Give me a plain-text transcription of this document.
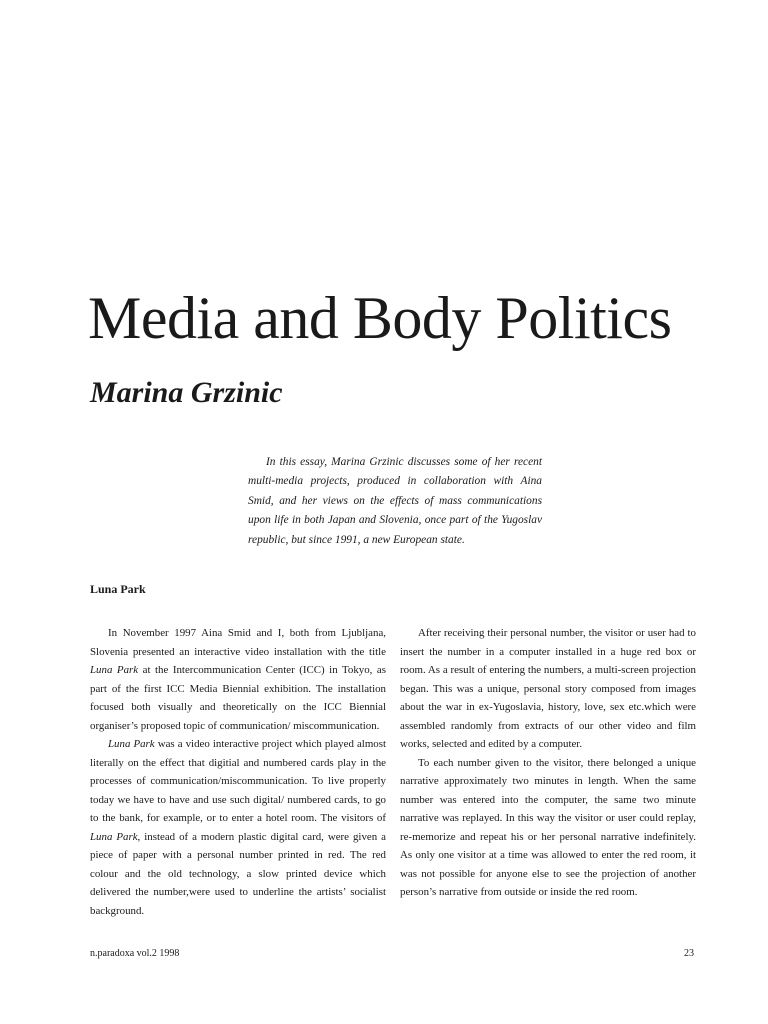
Media and Body Politics
Marina Grzinic

In this essay, Marina Grzinic discusses some of her recent multi-media projects, produced in collaboration with Aina Smid, and her views on the effects of mass communications upon life in both Japan and Slovenia, once part of the Yugoslav republic, but since 1991, a new European state.

Luna Park

In November 1997 Aina Smid and I, both from Ljubljana, Slovenia presented an interactive video installation with the title Luna Park at the Intercommunication Center (ICC) in Tokyo, as part of the first ICC Media Biennial exhibition. The installation focused both visually and theoretically on the ICC Biennial organiser’s proposed topic of communication/ miscommunication.

Luna Park was a video interactive project which played almost literally on the effect that digitial and numbered cards play in the processes of communication/miscommunication. To live properly today we have to have and use such digital/ numbered cards, to go to the bank, for example, or to enter a hotel room. The visitors of Luna Park, instead of a modern plastic digital card, were given a piece of paper with a personal number printed in red. The red colour and the old technology, a slow printed device which delivered the number,were used to underline the artists’ socialist background.

After receiving their personal number, the visitor or user had to insert the number in a computer installed in a huge red box or room. As a result of entering the numbers, a multi-screen projection began. This was a unique, personal story composed from images about the war in ex-Yugoslavia, history, love, sex etc.which were assembled randomly from extracts of our other video and film works, selected and edited by a computer.

To each number given to the visitor, there belonged a unique narrative approximately two minutes in length. When the same number was entered into the computer, the same two minute narrative was replayed. In this way the visitor or user could replay, re-memorize and repeat his or her personal narrative indefinitely. As only one visitor at a time was allowed to enter the red room, it was not possible for anyone else to see the projection of another person’s narrative from outside or inside the red room.

n.paradoxa vol.2 1998	23
